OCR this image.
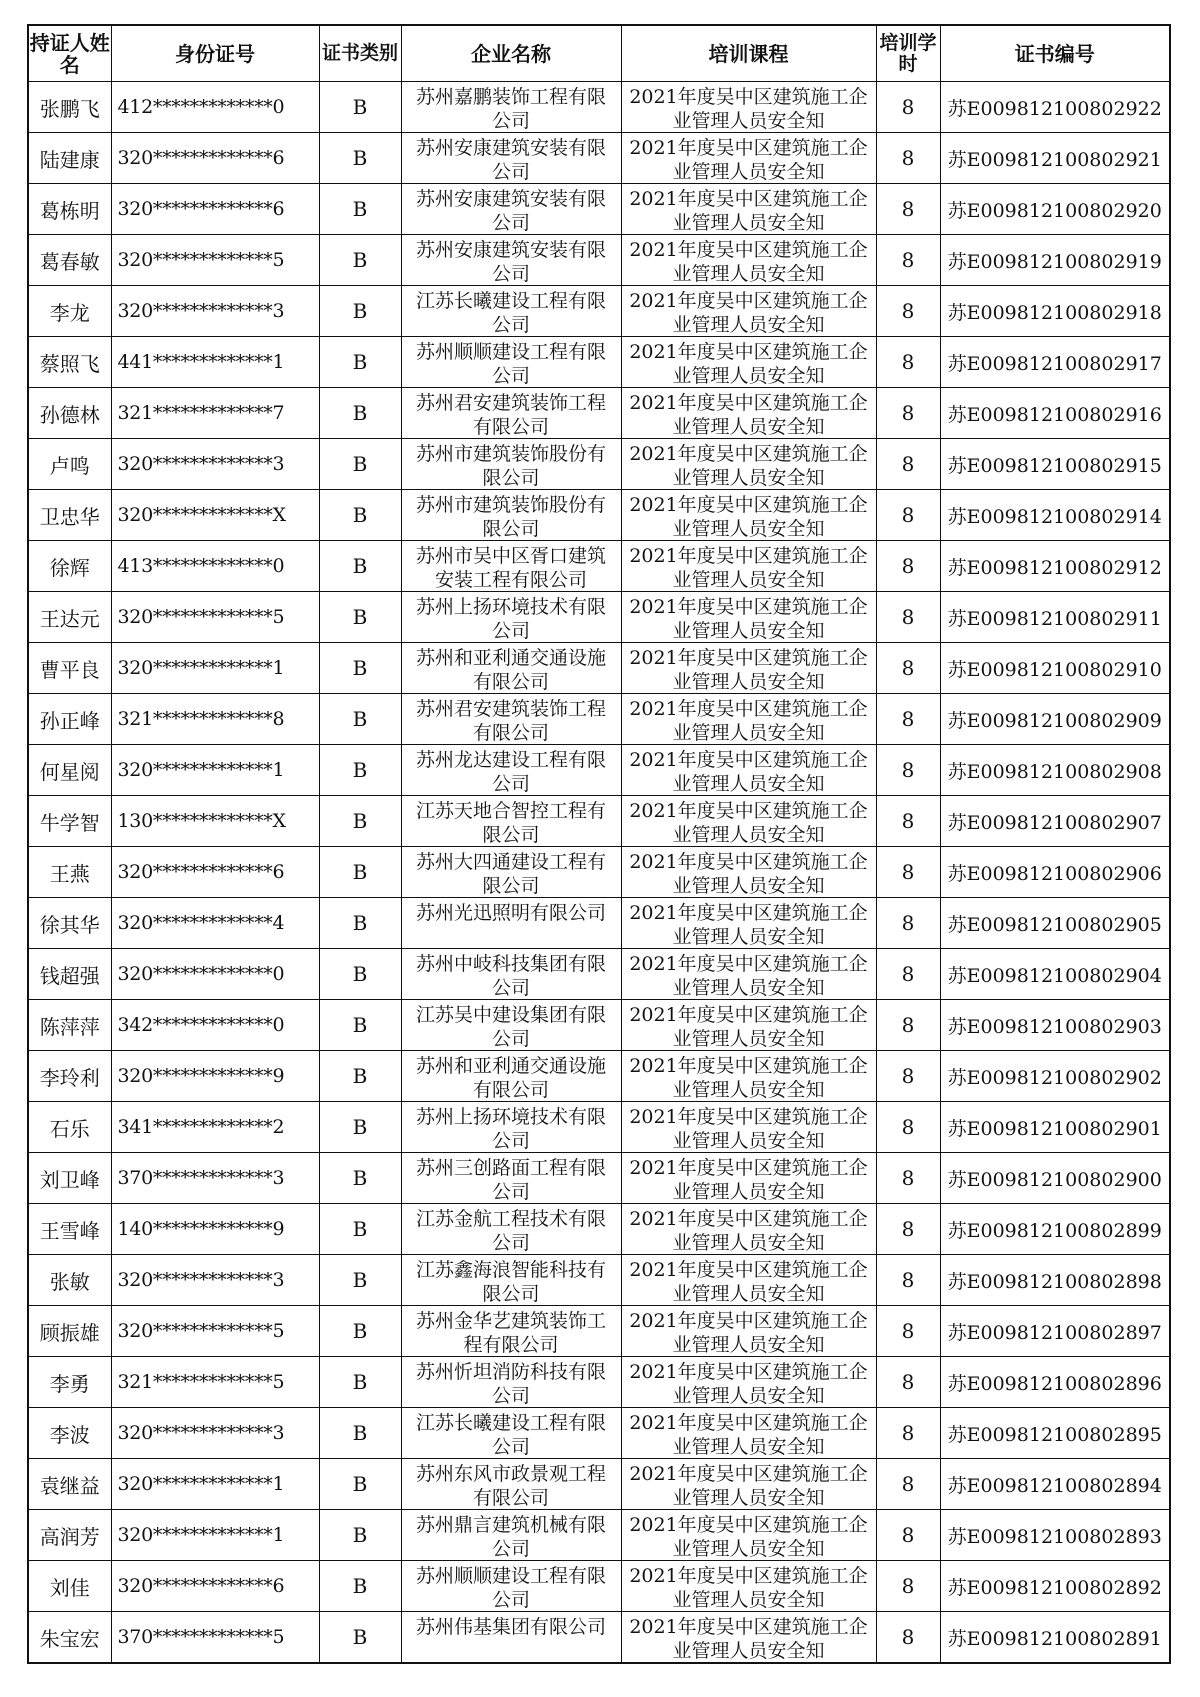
持证人姓名	身份证号	证书类别	企业名称	培训课程	培训学时	证书编号
张鹏飞	412*************0	B	苏州嘉鹏装饰工程有限公司	2021年度吴中区建筑施工企业管理人员安全知	8	苏E009812100802922
陆建康	320*************6	B	苏州安康建筑安装有限公司	2021年度吴中区建筑施工企业管理人员安全知	8	苏E009812100802921
葛栋明	320*************6	B	苏州安康建筑安装有限公司	2021年度吴中区建筑施工企业管理人员安全知	8	苏E009812100802920
葛春敏	320*************5	B	苏州安康建筑安装有限公司	2021年度吴中区建筑施工企业管理人员安全知	8	苏E009812100802919
李龙	320*************3	B	江苏长曦建设工程有限公司	2021年度吴中区建筑施工企业管理人员安全知	8	苏E009812100802918
蔡照飞	441*************1	B	苏州顺顺建设工程有限公司	2021年度吴中区建筑施工企业管理人员安全知	8	苏E009812100802917
孙德林	321*************7	B	苏州君安建筑装饰工程有限公司	2021年度吴中区建筑施工企业管理人员安全知	8	苏E009812100802916
卢鸣	320*************3	B	苏州市建筑装饰股份有限公司	2021年度吴中区建筑施工企业管理人员安全知	8	苏E009812100802915
卫忠华	320*************X	B	苏州市建筑装饰股份有限公司	2021年度吴中区建筑施工企业管理人员安全知	8	苏E009812100802914
徐辉	413*************0	B	苏州市吴中区胥口建筑安装工程有限公司	2021年度吴中区建筑施工企业管理人员安全知	8	苏E009812100802912
王达元	320*************5	B	苏州上扬环境技术有限公司	2021年度吴中区建筑施工企业管理人员安全知	8	苏E009812100802911
曹平良	320*************1	B	苏州和亚利通交通设施有限公司	2021年度吴中区建筑施工企业管理人员安全知	8	苏E009812100802910
孙正峰	321*************8	B	苏州君安建筑装饰工程有限公司	2021年度吴中区建筑施工企业管理人员安全知	8	苏E009812100802909
何星阅	320*************1	B	苏州龙达建设工程有限公司	2021年度吴中区建筑施工企业管理人员安全知	8	苏E009812100802908
牛学智	130*************X	B	江苏天地合智控工程有限公司	2021年度吴中区建筑施工企业管理人员安全知	8	苏E009812100802907
王燕	320*************6	B	苏州大四通建设工程有限公司	2021年度吴中区建筑施工企业管理人员安全知	8	苏E009812100802906
徐其华	320*************4	B	苏州光迅照明有限公司	2021年度吴中区建筑施工企业管理人员安全知	8	苏E009812100802905
钱超强	320*************0	B	苏州中岐科技集团有限公司	2021年度吴中区建筑施工企业管理人员安全知	8	苏E009812100802904
陈萍萍	342*************0	B	江苏吴中建设集团有限公司	2021年度吴中区建筑施工企业管理人员安全知	8	苏E009812100802903
李玲利	320*************9	B	苏州和亚利通交通设施有限公司	2021年度吴中区建筑施工企业管理人员安全知	8	苏E009812100802902
石乐	341*************2	B	苏州上扬环境技术有限公司	2021年度吴中区建筑施工企业管理人员安全知	8	苏E009812100802901
刘卫峰	370*************3	B	苏州三创路面工程有限公司	2021年度吴中区建筑施工企业管理人员安全知	8	苏E009812100802900
王雪峰	140*************9	B	江苏金航工程技术有限公司	2021年度吴中区建筑施工企业管理人员安全知	8	苏E009812100802899
张敏	320*************3	B	江苏鑫海浪智能科技有限公司	2021年度吴中区建筑施工企业管理人员安全知	8	苏E009812100802898
顾振雄	320*************5	B	苏州金华艺建筑装饰工程有限公司	2021年度吴中区建筑施工企业管理人员安全知	8	苏E009812100802897
李勇	321*************5	B	苏州忻坦消防科技有限公司	2021年度吴中区建筑施工企业管理人员安全知	8	苏E009812100802896
李波	320*************3	B	江苏长曦建设工程有限公司	2021年度吴中区建筑施工企业管理人员安全知	8	苏E009812100802895
袁继益	320*************1	B	苏州东风市政景观工程有限公司	2021年度吴中区建筑施工企业管理人员安全知	8	苏E009812100802894
高润芳	320*************1	B	苏州鼎言建筑机械有限公司	2021年度吴中区建筑施工企业管理人员安全知	8	苏E009812100802893
刘佳	320*************6	B	苏州顺顺建设工程有限公司	2021年度吴中区建筑施工企业管理人员安全知	8	苏E009812100802892
朱宝宏	370*************5	B	苏州伟基集团有限公司	2021年度吴中区建筑施工企业管理人员安全知	8	苏E009812100802891
